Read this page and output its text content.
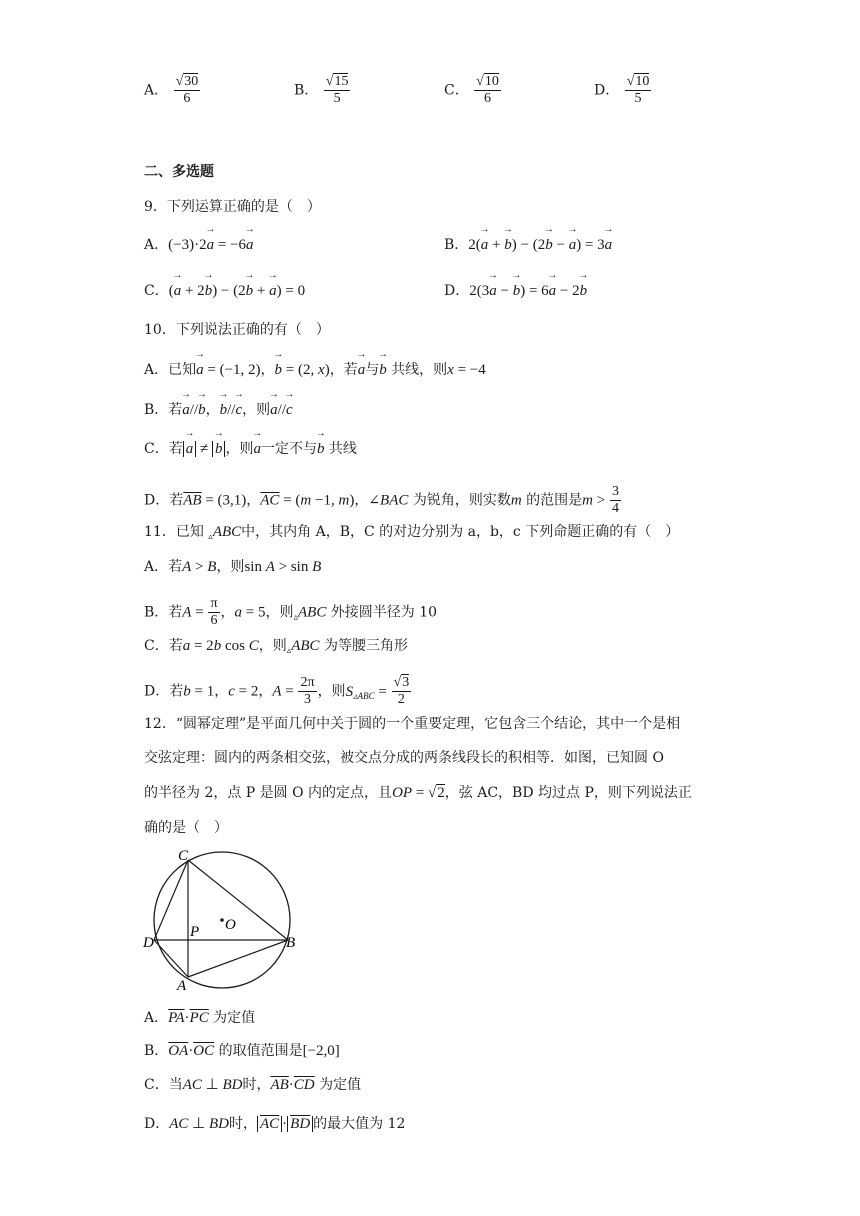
A． $\frac{√30}{6}$	B． $\frac{√15}{5}$	C． $\frac{√10}{6}$	D． $\frac{√10}{5}$
二、多选题
9．下列运算正确的是（　）
A．(−3)·2→ a = −6→ a	B．2(→ a + → b) − (2→ b − → a) = 3→ a
C．(→ a + 2→ b) − (2→ b + → a) = 0	D．2(3→ a − → b) = 6→ a − 2→ b
10．下列说法正确的有（　）
A．已知→ a = (−1, 2)，→ b = (2, x)，若→ a与→ b 共线，则x = −4
B．若→ a//→ b，→ b//→ c，则→ a//→ c
C．若 → a ≠ → b ，则→ a一定不与→ b 共线
D．若$\overline{AB} = (3,1)$，$\overline{AC} = (m -1$, m)，∠BAC 为锐角，则实数m 的范围是$m > \frac{3}{4}$
11．已知 $_▵$ABC中，其内角 A，B，C 的对边分别为 a，b，c 下列命题正确的有（　）
A．若A > B，则sin A > sin B
B．若$A = \frac{\pi}{6}$ ，a = 5，则$_▵$ABC 外接圆半径为 10
C．若a = 2b cos C，则$_▵$ABC 为等腰三角形
D．若b = 1，c = 2，$A = \frac{2\pi}{3}$ ，则$S_{▵ABC} = \frac{√3}{2}$
12．“圆幂定理”是平面几何中关于圆的一个重要定理，它包含三个结论，其中一个是相
交弦定理：圆内的两条相交弦，被交点分成的两条线段长的积相等．如图，已知圆 O
的半径为 2，点 P 是圆 O 内的定点，且OP = √2，弦 AC，BD 均过点 P，则下列说法正
确的是（　）
C
O
D
P
B
A
A．$\overline{PA}\cdot\overline{PC}$ 为定值
B．$\overline{OA}\cdot\overline{OC}$ 的取值范围是[−2,0]
C．当AC ⊥ BD时，$\overline{AB}\cdot\overline{CD}$ 为定值
D．AC ⊥ BD时， $\overline{AC} \cdot \overline{BD}$ 的最大值为 12
